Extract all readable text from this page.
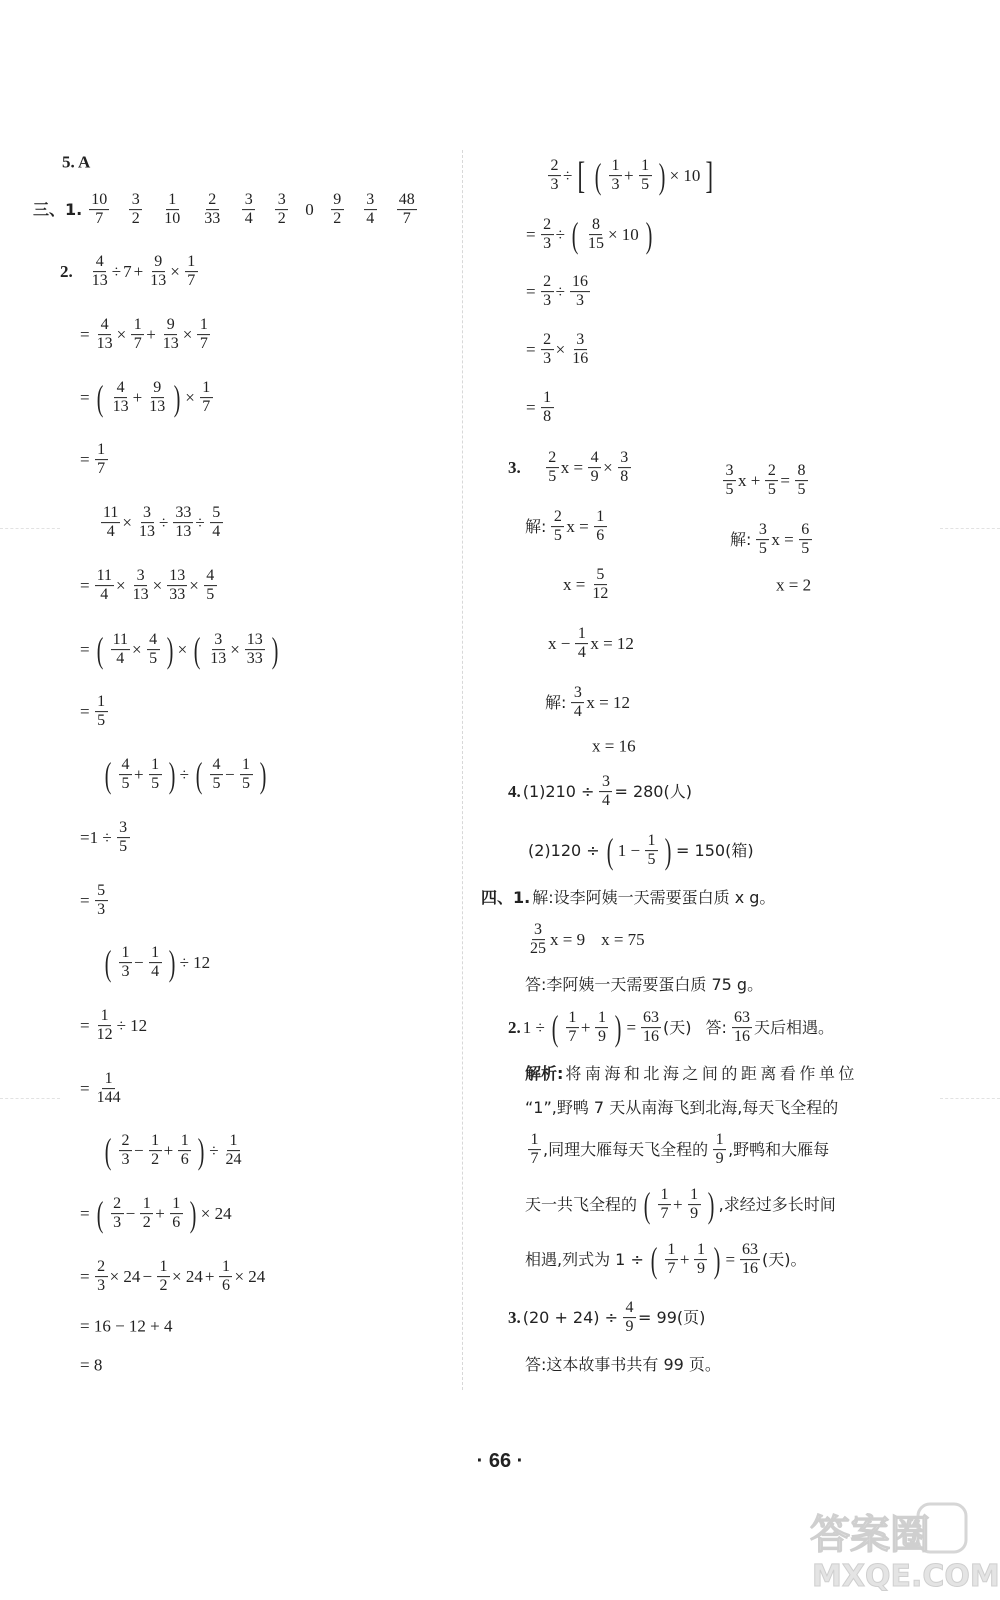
5. A
三、1. $\frac{10}{7} \frac{3}{2} \frac{1}{10} \frac{2}{33} \frac{3}{4} \frac{3}{2} 0 \frac{9}{2} \frac{3}{4} \frac{48}{7}$
2. $\frac{4}{13} \div 7 + \frac{9}{13} \times \frac{1}{7}$
= $\frac{4}{13} \times \frac{1}{7} + \frac{9}{13} \times \frac{1}{7}$
= ( $\frac{4}{13} + \frac{9}{13}$ ) × $\frac{1}{7}$
= $\frac{1}{7}$
$\frac{11}{4} \times \frac{3}{13} \div \frac{33}{13} \div \frac{5}{4}$
= $\frac{11}{4} \times \frac{3}{13} \times \frac{13}{33} \times \frac{4}{5}$
= ( $\frac{11}{4} \times \frac{4}{5}$ ) × ( $\frac{3}{13} \times \frac{13}{33}$ )
= $\frac{1}{5}$
( $\frac{4}{5} + \frac{1}{5}$ ) ÷ ( $\frac{4}{5} - \frac{1}{5}$ )
$=1 \div \frac{3}{5}$
= $\frac{5}{3}$
( $\frac{1}{3} - \frac{1}{4}$ ) ÷ 12
= $\frac{1}{12} \div 12$
= $\frac{1}{144}$
( $\frac{2}{3} - \frac{1}{2} + \frac{1}{6}$ ) ÷ $\frac{1}{24}$
= ( $\frac{2}{3} - \frac{1}{2} + \frac{1}{6}$ ) × 24
= $\frac{2}{3} \times 24 - \frac{1}{2} \times 24 + \frac{1}{6} \times 24$
= 16 − 12 + 4
= 8
$\frac{2}{3}$ ÷ [ ( $\frac{1}{3} + \frac{1}{5}$ ) × 10 ]
= $\frac{2}{3}$ ÷ ( $\frac{8}{15} \times 10$ )
= $\frac{2}{3} \div \frac{16}{3}$
= $\frac{2}{3} \times \frac{3}{16}$
= $\frac{1}{8}$
3. $\frac{2}{5}$ $x = \frac{4}{9} \times \frac{3}{8}$	$\frac{3}{5}$ $x + \frac{2}{5} = \frac{8}{5}$
解: $\frac{2}{5}$ $x = \frac{1}{6}$	解: $\frac{3}{5}$ $x = \frac{6}{5}$
$x = \frac{5}{12}$	x = 2
$x - \frac{1}{4}$ x = 12
解: $\frac{3}{4}$ x = 12
x = 16
4. $(1)210 \div \frac{3}{4} = 280$(人)
(2)120 ÷ ( $1 - \frac{1}{5}$ ) = 150(箱)
四、1. 解:设李阿姨一天需要蛋白质 x g。
$\frac{3}{25}$ x = 9 x = 75
答:李阿姨一天需要蛋白质 75 g。
2. 1 ÷ ( $\frac{1}{7} + \frac{1}{9}$ ) = $\frac{63}{16}$ (天) 答: $\frac{63}{16}$ 天后相遇。
解析: 将南海和北海之间的距离看作单位
“1”,野鸭 7 天从南海飞到北海,每天飞全程的
$\frac{1}{7}$ ,同理大雁每天飞全程的 $\frac{1}{9}$ ,野鸭和大雁每
天一共飞全程的 ( $\frac{1}{7} + \frac{1}{9}$ ) ,求经过多长时间
相遇,列式为 1 ÷ ( $\frac{1}{7} + \frac{1}{9}$ ) = $\frac{63}{16}$ (天)。
3. $(20 + 24) \div \frac{4}{9} = 99$(页)
答:这本故事书共有 99 页。
· 66 ·
答案圈
MXQE.COM
